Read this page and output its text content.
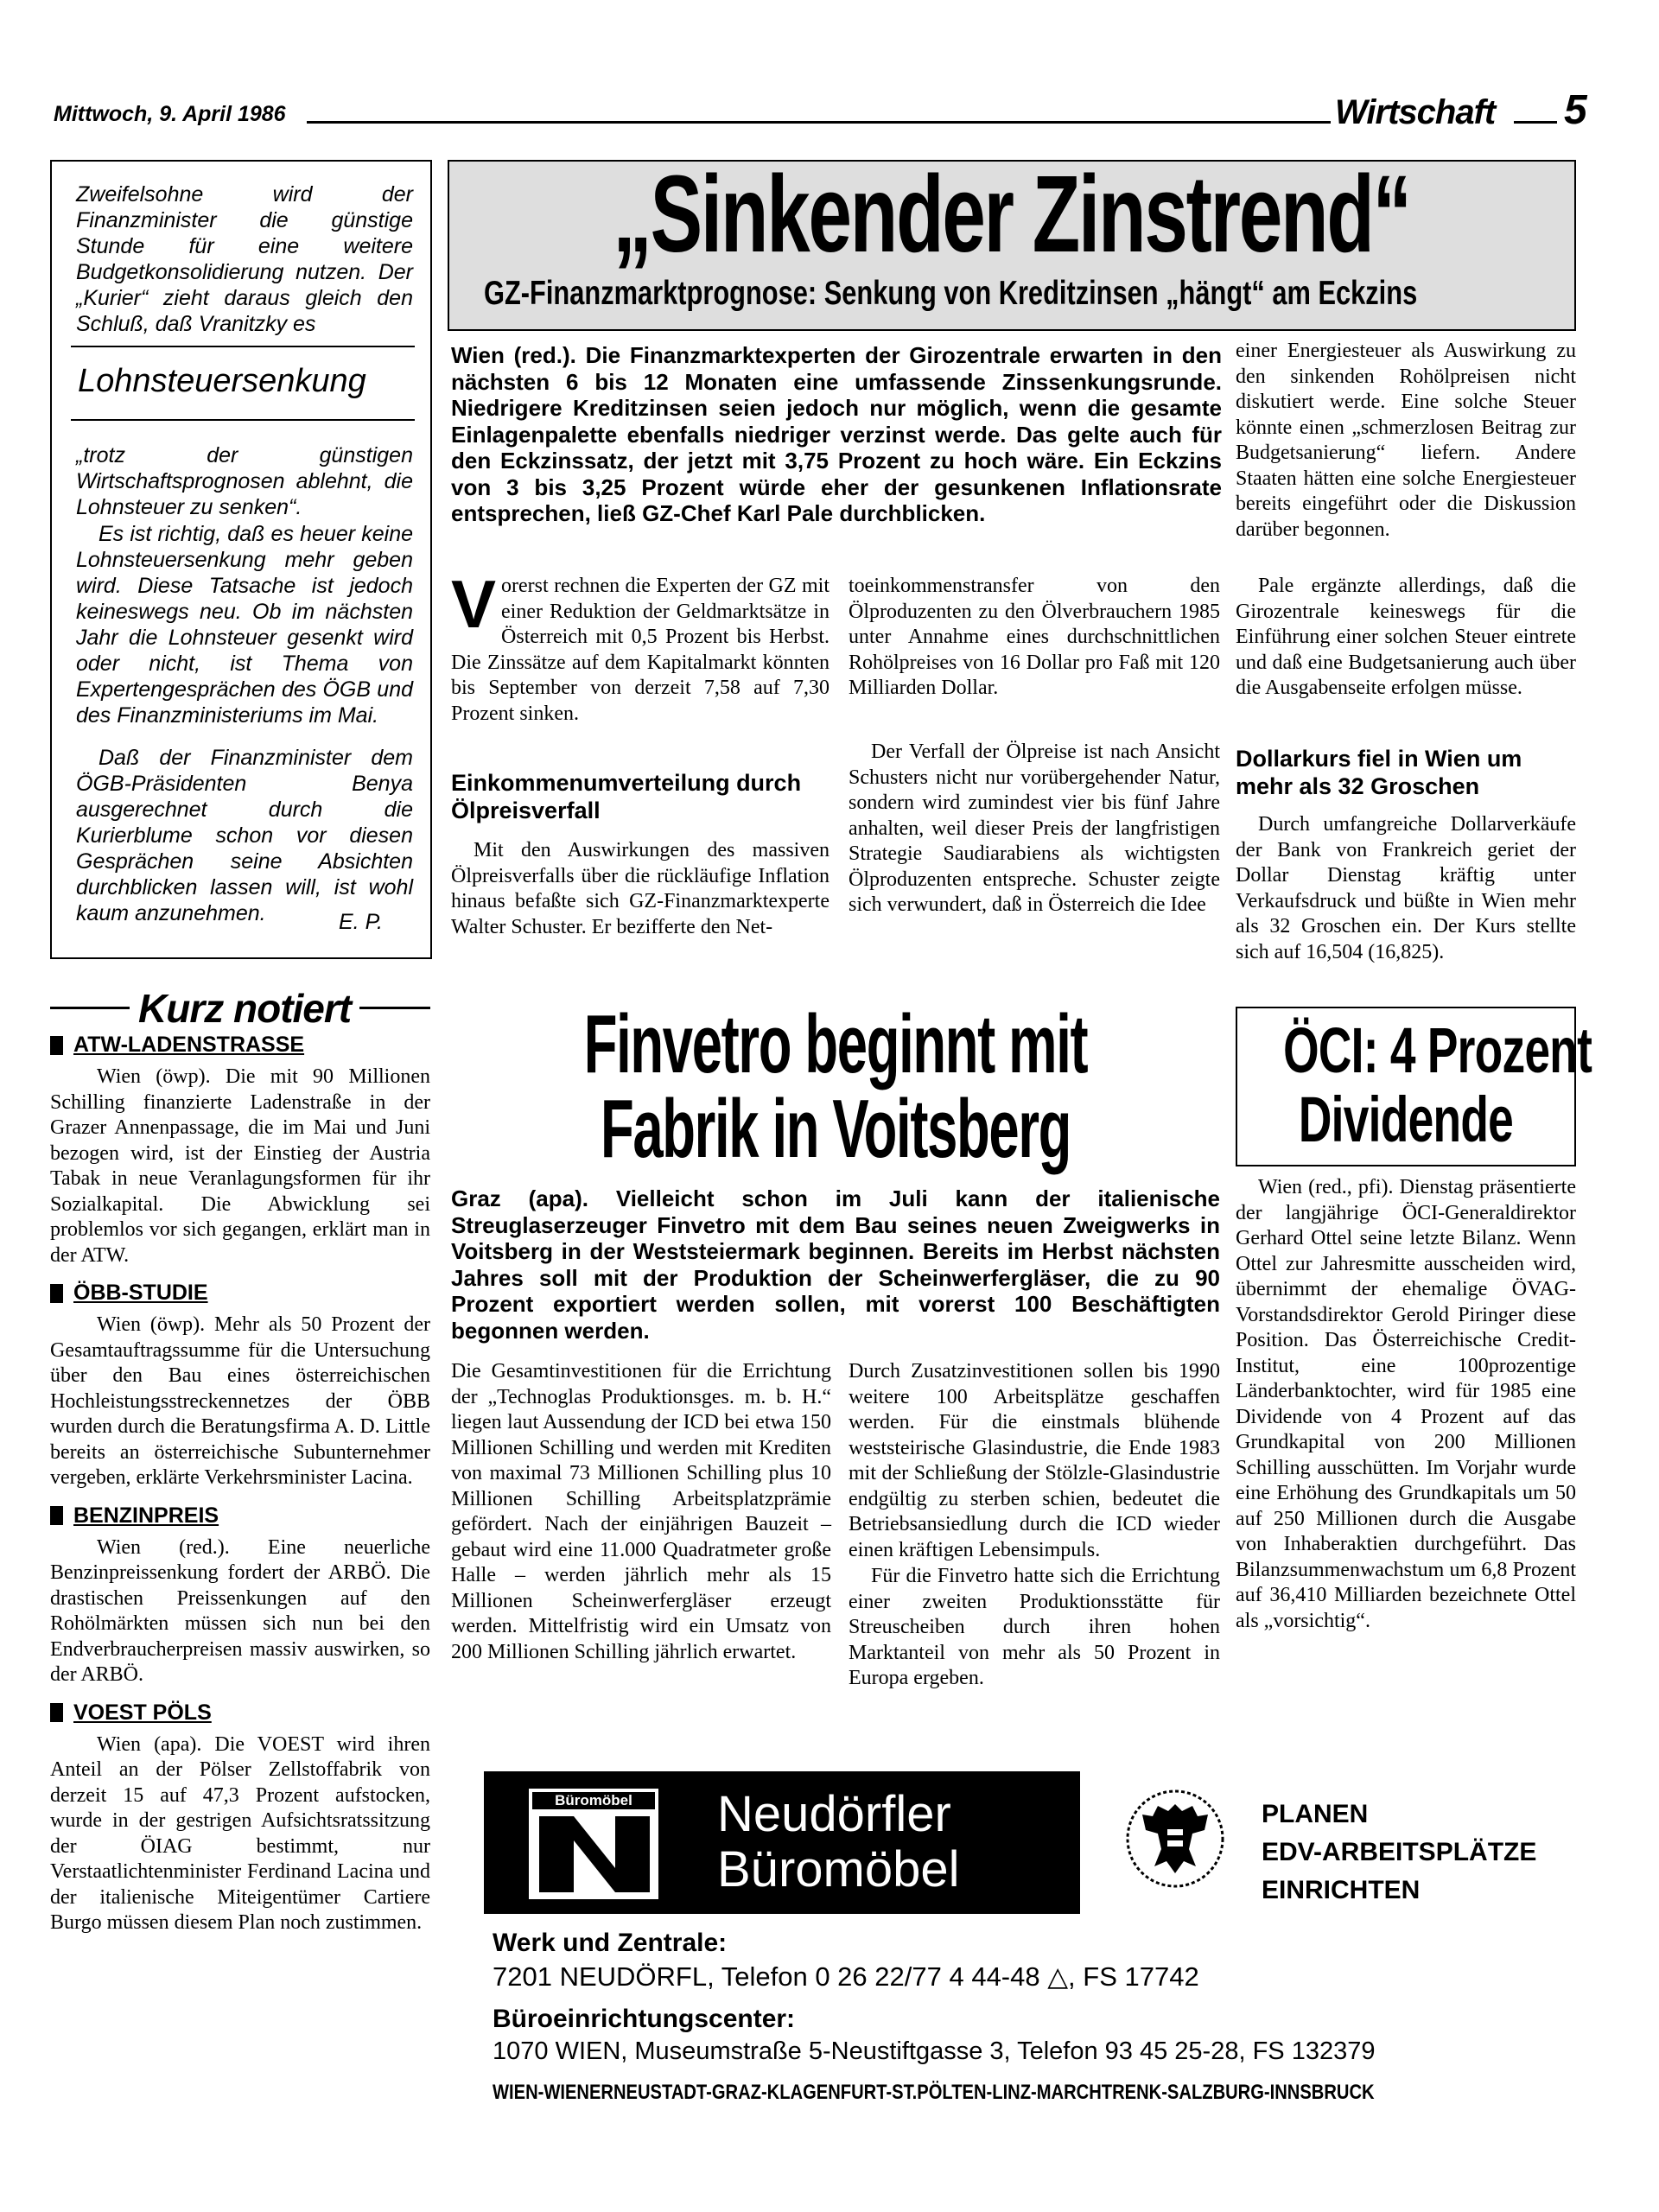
Mittwoch, 9. April 1986	Wirtschaft 5
Zweifelsohne wird der Finanzminister die günstige Stunde für eine weitere Budgetkonsolidierung nutzen. Der „Kurier“ zieht daraus gleich den Schluß, daß Vranitzky es
Lohnsteuersenkung
„trotz der günstigen Wirtschaftsprognosen ablehnt, die Lohnsteuer zu senken“.
Es ist richtig, daß es heuer keine Lohnsteuersenkung mehr geben wird. Diese Tatsache ist jedoch keineswegs neu. Ob im nächsten Jahr die Lohnsteuer gesenkt wird oder nicht, ist Thema von Expertengesprächen des ÖGB und des Finanzministeriums im Mai.
Daß der Finanzminister dem ÖGB-Präsidenten Benya ausgerechnet durch die Kurierblume schon vor diesen Gesprächen seine Absichten durchblicken lassen will, ist wohl kaum anzunehmen.	E. P.
„Sinkender Zinstrend“
GZ-Finanzmarktprognose: Senkung von Kreditzinsen „hängt“ am Eckzins
Wien (red.). Die Finanzmarktexperten der Girozentrale erwarten in den nächsten 6 bis 12 Monaten eine umfassende Zinssenkungsrunde. Niedrigere Kreditzinsen seien jedoch nur möglich, wenn die gesamte Einlagenpalette ebenfalls niedriger verzinst werde. Das gelte auch für den Eckzinssatz, der jetzt mit 3,75 Prozent zu hoch wäre. Ein Eckzins von 3 bis 3,25 Prozent würde eher der gesunkenen Inflationsrate entsprechen, ließ GZ-Chef Karl Pale durchblicken.
V orerst rechnen die Experten der GZ mit einer Reduktion der Geldmarktsätze in Österreich mit 0,5 Prozent bis Herbst. Die Zinssätze auf dem Kapitalmarkt könnten bis September von derzeit 7,58 auf 7,30 Prozent sinken.
Einkommenumverteilung durch Ölpreisverfall
Mit den Auswirkungen des massiven Ölpreisverfalls über die rückläufige Inflation hinaus befaßte sich GZ-Finanzmarktexperte Walter Schuster. Er bezifferte den Net-
toeinkommenstransfer von den Ölproduzenten zu den Ölverbrauchern 1985 unter Annahme eines durchschnittlichen Rohölpreises von 16 Dollar pro Faß mit 120 Milliarden Dollar.
Der Verfall der Ölpreise ist nach Ansicht Schusters nicht nur vorübergehender Natur, sondern wird zumindest vier bis fünf Jahre anhalten, weil dieser Preis der langfristigen Strategie Saudiarabiens als wichtigsten Ölproduzenten entspreche. Schuster zeigte sich verwundert, daß in Österreich die Idee
einer Energiesteuer als Auswirkung zu den sinkenden Rohölpreisen nicht diskutiert werde. Eine solche Steuer könnte einen „schmerzlosen Beitrag zur Budgetsanierung“ liefern. Andere Staaten hätten eine solche Energiesteuer bereits eingeführt oder die Diskussion darüber begonnen.
Pale ergänzte allerdings, daß die Girozentrale keineswegs für die Einführung einer solchen Steuer eintrete und daß eine Budgetsanierung auch über die Ausgabenseite erfolgen müsse.
Dollarkurs fiel in Wien um mehr als 32 Groschen
Durch umfangreiche Dollarverkäufe der Bank von Frankreich geriet der Dollar Dienstag kräftig unter Verkaufsdruck und büßte in Wien mehr als 32 Groschen ein. Der Kurs stellte sich auf 16,504 (16,825).
Kurz notiert
ATW-LADENSTRASSE

Wien (öwp). Die mit 90 Millionen Schilling finanzierte Ladenstraße in der Grazer Annenpassage, die im Mai und Juni bezogen wird, ist der Einstieg der Austria Tabak in neue Veranlagungsformen für ihr Sozialkapital. Die Abwicklung sei problemlos vor sich gegangen, erklärt man in der ATW.

ÖBB-STUDIE

Wien (öwp). Mehr als 50 Prozent der Gesamtauftragssumme für die Untersuchung über den Bau eines österreichischen Hochleistungsstreckennetzes der ÖBB wurden durch die Beratungsfirma A. D. Little bereits an österreichische Subunternehmer vergeben, erklärte Verkehrsminister Lacina.

BENZINPREIS

Wien (red.). Eine neuerliche Benzinpreissenkung fordert der ARBÖ. Die drastischen Preissenkungen auf den Rohölmärkten müssen sich nun bei den Endverbraucherpreisen massiv auswirken, so der ARBÖ.

VOEST PÖLS

Wien (apa). Die VOEST wird ihren Anteil an der Pölser Zellstoffabrik von derzeit 15 auf 47,3 Prozent aufstocken, wurde in der gestrigen Aufsichtsratssitzung der ÖIAG bestimmt, nur Verstaatlichtenminister Ferdinand Lacina und der italienische Miteigentümer Cartiere Burgo müssen diesem Plan noch zustimmen.

Finvetro beginnt mit
Fabrik in Voitsberg
Graz (apa). Vielleicht schon im Juli kann der italienische Streuglaserzeuger Finvetro mit dem Bau seines neuen Zweigwerks in Voitsberg in der Weststeiermark beginnen. Bereits im Herbst nächsten Jahres soll mit der Produktion der Scheinwerfergläser, die zu 90 Prozent exportiert werden sollen, mit vorerst 100 Beschäftigten begonnen werden.
Die Gesamtinvestitionen für die Errichtung der „Technoglas Produktionsges. m. b. H.“ liegen laut Aussendung der ICD bei etwa 150 Millionen Schilling und werden mit Krediten von maximal 73 Millionen Schilling plus 10 Millionen Schilling Arbeitsplatzprämie gefördert. Nach der einjährigen Bauzeit – gebaut wird eine 11.000 Quadratmeter große Halle – werden jährlich mehr als 15 Millionen Scheinwerfergläser erzeugt werden. Mittelfristig wird ein Umsatz von 200 Millionen Schilling jährlich erwartet.
Durch Zusatzinvestitionen sollen bis 1990 weitere 100 Arbeitsplätze geschaffen werden. Für die einstmals blühende weststeirische Glasindustrie, die Ende 1983 mit der Schließung der Stölzle-Glasindustrie endgültig zu sterben schien, bedeutet die Betriebsansiedlung durch die ICD wieder einen kräftigen Lebensimpuls.
Für die Finvetro hatte sich die Errichtung einer zweiten Produktionsstätte für Streuscheiben durch ihren hohen Marktanteil von mehr als 50 Prozent in Europa ergeben.
ÖCI: 4 Prozent
Dividende
Wien (red., pfi). Dienstag präsentierte der langjährige ÖCI-Generaldirektor Gerhard Ottel seine letzte Bilanz. Wenn Ottel zur Jahresmitte ausscheiden wird, übernimmt der ehemalige ÖVAG-Vorstandsdirektor Gerold Piringer diese Position. Das Österreichische Credit-Institut, eine 100prozentige Länderbanktochter, wird für 1985 eine Dividende von 4 Prozent auf das Grundkapital von 200 Millionen Schilling ausschütten. Im Vorjahr wurde eine Erhöhung des Grundkapitals um 50 auf 250 Millionen durch die Ausgabe von Inhaberaktien durchgeführt. Das Bilanzsummenwachstum um 6,8 Prozent auf 36,410 Milliarden bezeichnete Ottel als „vorsichtig“.
Büromöbel	Neudörfler
Büromöbel
PLANEN
EDV-ARBEITSPLÄTZE
EINRICHTEN
Werk und Zentrale:
7201 NEUDÖRFL, Telefon 0 26 22/77 4 44-48 △, FS 17742
Büroeinrichtungscenter:
1070 WIEN, Museumstraße 5-Neustiftgasse 3, Telefon 93 45 25-28, FS 132379
WIEN-WIENERNEUSTADT-GRAZ-KLAGENFURT-ST.PÖLTEN-LINZ-MARCHTRENK-SALZBURG-INNSBRUCK
